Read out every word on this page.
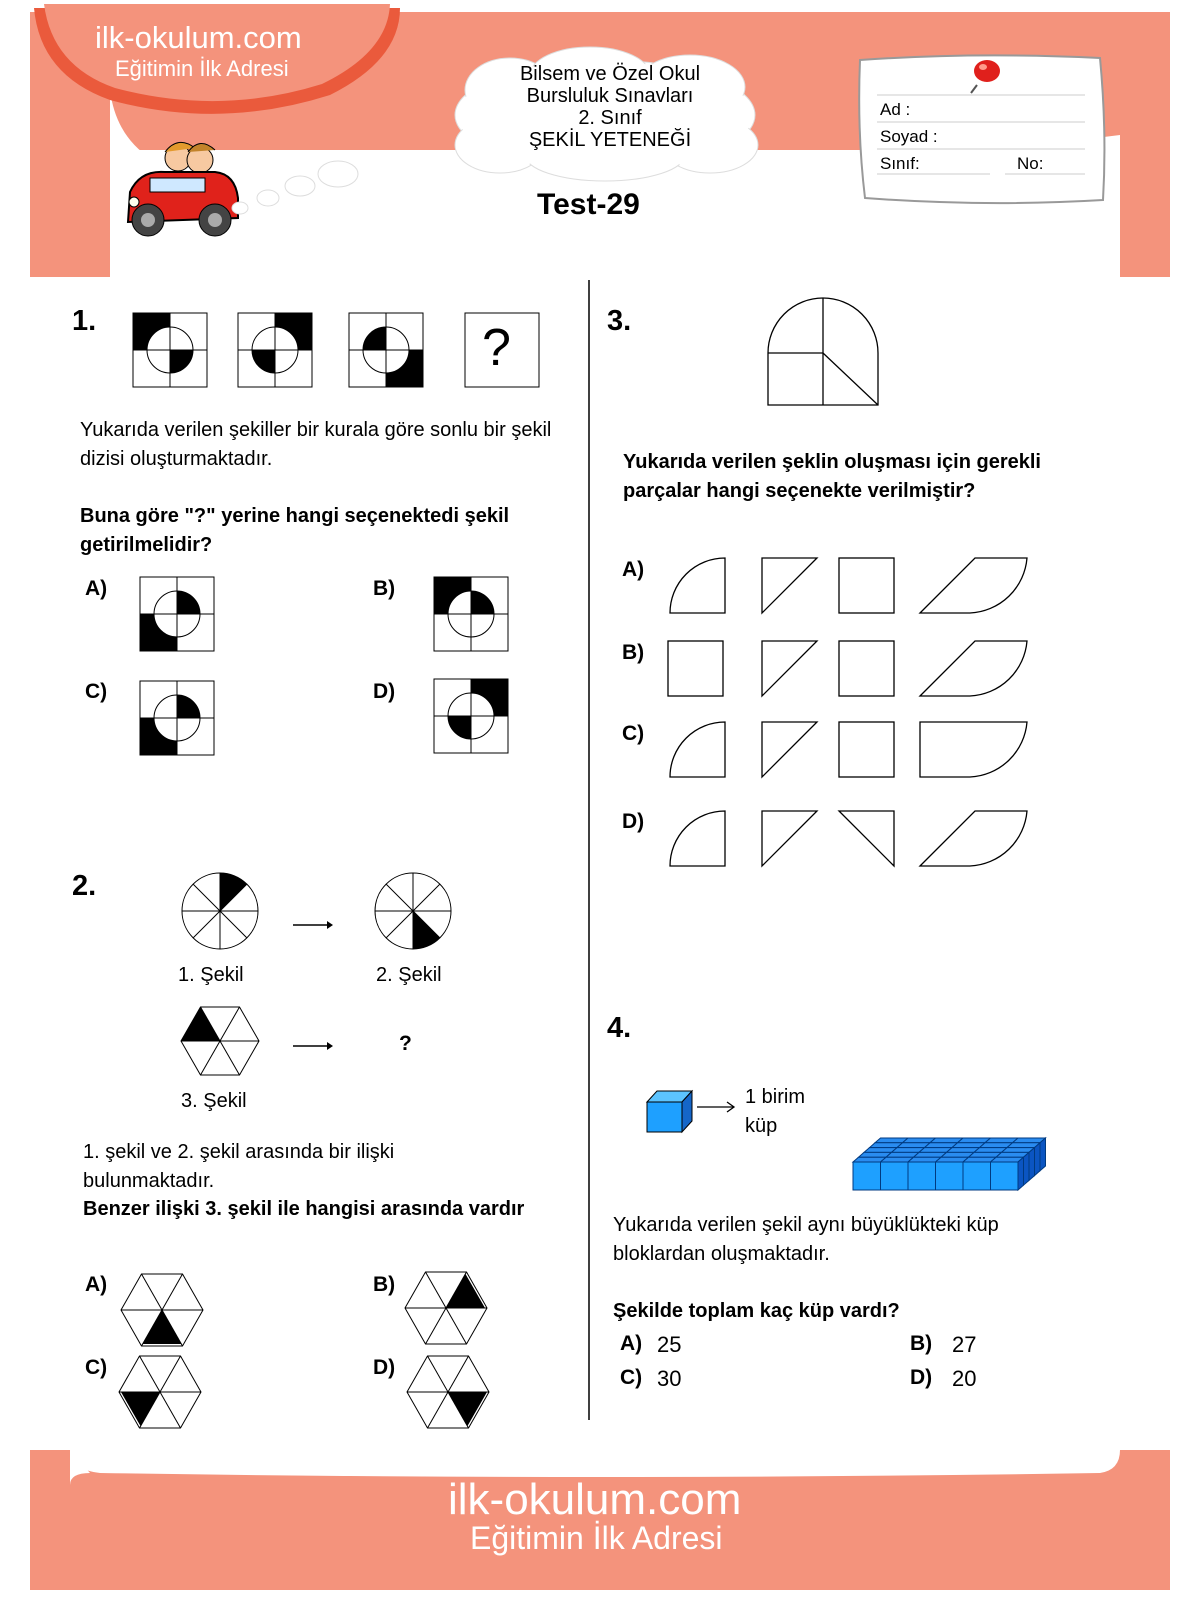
ilk-okulum.com
Eğitimin İlk Adresi	Bilsem ve Özel Okul
Bursluluk Sınavları
2. Sınıf
ŞEKİL YETENEĞİ
Ad :
Soyad :
Sınıf:	No:
Test-29
1.	?
Yukarıda verilen şekiller bir kurala göre sonlu bir şekil dizisi oluşturmaktadır.
Buna göre "?" yerine hangi seçenektedi şekil getirilmelidir?
A)	B)
C)	D)
2.
1. Şekil	2. Şekil
3. Şekil
?
1. şekil ve 2. şekil arasında bir ilişki bulunmaktadır.
Benzer ilişki 3. şekil ile hangisi arasında vardır
A)	B)
C)	D)
3.
Yukarıda verilen şeklin oluşması için gerekli parçalar hangi seçenekte verilmiştir?
A)
B)
C)
D)
4.
1 birim
küp
Yukarıda verilen şekil aynı büyüklükteki küp bloklardan oluşmaktadır.
Şekilde toplam kaç küp vardı?
A) 25	B) 27
C) 30	D) 20
ilk-okulum.com
Eğitimin İlk Adresi
